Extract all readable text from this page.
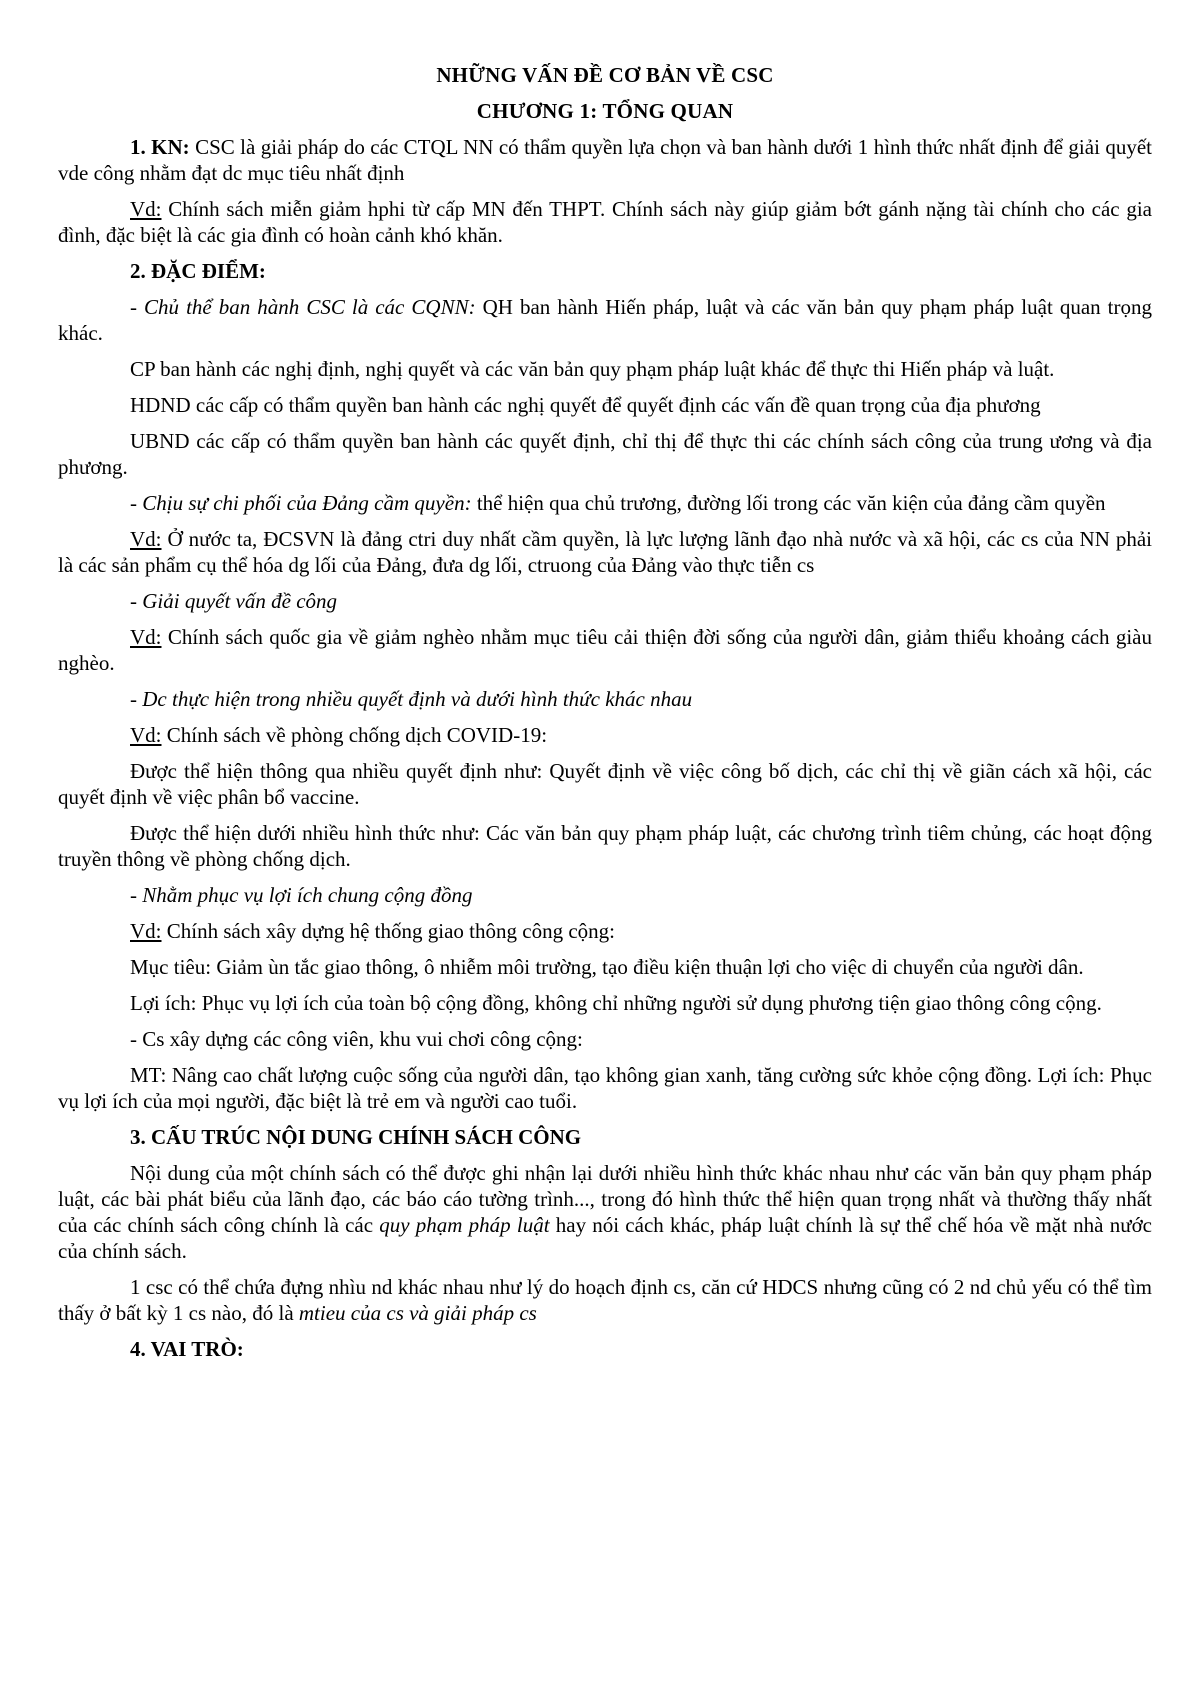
NHỮNG VẤN ĐỀ CƠ BẢN VỀ CSC
CHƯƠNG 1: TỔNG QUAN

1. KN: CSC là giải pháp do các CTQL NN có thẩm quyền lựa chọn và ban hành dưới 1 hình thức nhất định để giải quyết vde công nhằm đạt dc mục tiêu nhất định

Vd: Chính sách miễn giảm hphi từ cấp MN đến THPT. Chính sách này giúp giảm bớt gánh nặng tài chính cho các gia đình, đặc biệt là các gia đình có hoàn cảnh khó khăn.

2. ĐẶC ĐIỂM:

- Chủ thể ban hành CSC là các CQNN: QH ban hành Hiến pháp, luật và các văn bản quy phạm pháp luật quan trọng khác.

CP ban hành các nghị định, nghị quyết và các văn bản quy phạm pháp luật khác để thực thi Hiến pháp và luật.

HDND các cấp có thẩm quyền ban hành các nghị quyết để quyết định các vấn đề quan trọng của địa phương

UBND các cấp có thẩm quyền ban hành các quyết định, chỉ thị để thực thi các chính sách công của trung ương và địa phương.

- Chịu sự chi phối của Đảng cầm quyền: thể hiện qua chủ trương, đường lối trong các văn kiện của đảng cầm quyền

Vd: Ở nước ta, ĐCSVN là đảng ctri duy nhất cầm quyền, là lực lượng lãnh đạo nhà nước và xã hội, các cs của NN phải là các sản phẩm cụ thể hóa dg lối của Đảng, đưa dg lối, ctruong của Đảng vào thực tiễn cs

- Giải quyết vấn đề công

Vd: Chính sách quốc gia về giảm nghèo nhằm mục tiêu cải thiện đời sống của người dân, giảm thiểu khoảng cách giàu nghèo.

- Dc thực hiện trong nhiều quyết định và dưới hình thức khác nhau

Vd: Chính sách về phòng chống dịch COVID-19:

Được thể hiện thông qua nhiều quyết định như: Quyết định về việc công bố dịch, các chỉ thị về giãn cách xã hội, các quyết định về việc phân bổ vaccine.

Được thể hiện dưới nhiều hình thức như: Các văn bản quy phạm pháp luật, các chương trình tiêm chủng, các hoạt động truyền thông về phòng chống dịch.

- Nhằm phục vụ lợi ích chung cộng đồng

Vd: Chính sách xây dựng hệ thống giao thông công cộng:

Mục tiêu: Giảm ùn tắc giao thông, ô nhiễm môi trường, tạo điều kiện thuận lợi cho việc di chuyển của người dân.

Lợi ích: Phục vụ lợi ích của toàn bộ cộng đồng, không chỉ những người sử dụng phương tiện giao thông công cộng.

- Cs xây dựng các công viên, khu vui chơi công cộng:

MT: Nâng cao chất lượng cuộc sống của người dân, tạo không gian xanh, tăng cường sức khỏe cộng đồng. Lợi ích: Phục vụ lợi ích của mọi người, đặc biệt là trẻ em và người cao tuổi.

3. CẤU TRÚC NỘI DUNG CHÍNH SÁCH CÔNG

Nội dung của một chính sách có thể được ghi nhận lại dưới nhiều hình thức khác nhau như các văn bản quy phạm pháp luật, các bài phát biểu của lãnh đạo, các báo cáo tường trình..., trong đó hình thức thể hiện quan trọng nhất và thường thấy nhất của các chính sách công chính là các quy phạm pháp luật hay nói cách khác, pháp luật chính là sự thể chế hóa về mặt nhà nước của chính sách.

1 csc có thể chứa đựng nhìu nd khác nhau như lý do hoạch định cs, căn cứ HDCS nhưng cũng có 2 nd chủ yếu có thể tìm thấy ở bất kỳ 1 cs nào, đó là mtieu của cs và giải pháp cs

4. VAI TRÒ:
